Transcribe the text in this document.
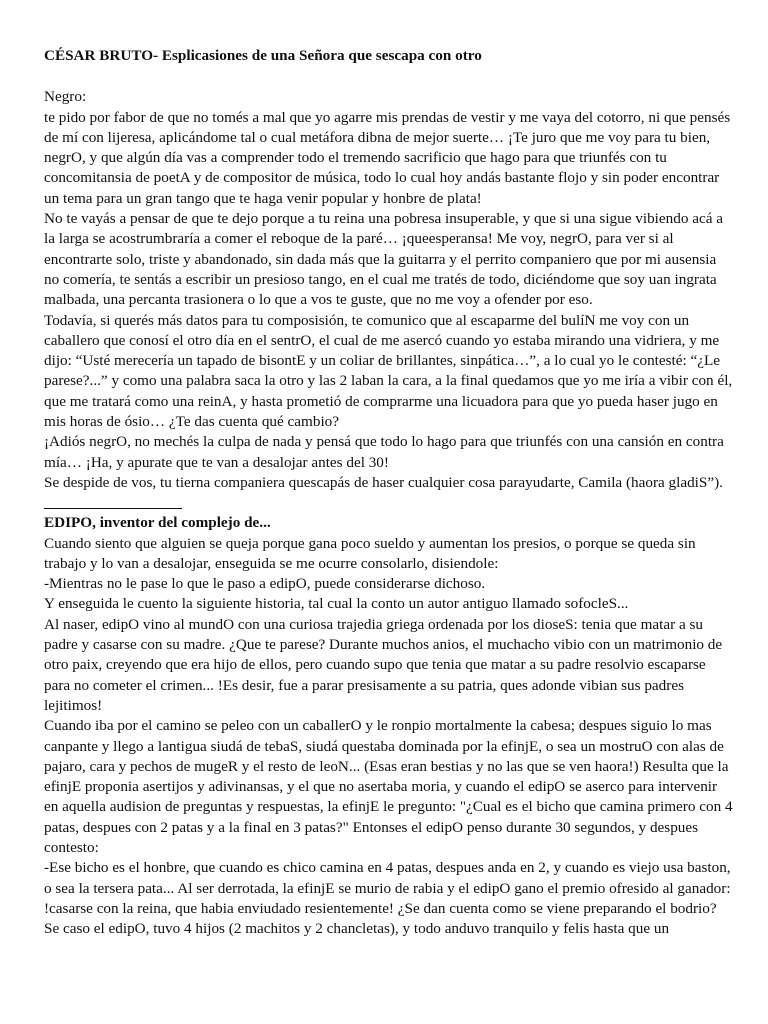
CÉSAR BRUTO- Esplicasiones de una Señora que sescapa con otro

Negro:

te pido por fabor de que no tomés a mal que yo agarre mis prendas de vestir y me vaya del cotorro, ni que pensés de mí con lijeresa, aplicándome tal o cual metáfora dibna de mejor suerte… ¡Te juro que me voy para tu bien, negrO, y que algún día vas a comprender todo el tremendo sacrificio que hago para que triunfés con tu concomitansia de poetA y de compositor de música, todo lo cual hoy andás bastante flojo y sin poder encontrar un tema para un gran tango que te haga venir popular y honbre de plata!

No te vayás a pensar de que te dejo porque a tu reina una pobresa insuperable, y que si una sigue vibiendo acá a la larga se acostrumbraría a comer el reboque de la paré… ¡queesperansa! Me voy, negrO, para ver si al encontrarte solo, triste y abandonado, sin dada más que la guitarra y el perrito companiero que por mi ausensia no comería, te sentás a escribir un presioso tango, en el cual me tratés de todo, diciéndome que soy uan ingrata malbada, una percanta trasionera o lo que a vos te guste, que no me voy a ofender por eso.

Todavía, si querés más datos para tu composisión, te comunico que al escaparme del bulíN me voy con un caballero que conosí el otro día en el sentrO, el cual de me asercó cuando yo estaba mirando una vidriera, y me dijo: “Usté merecería un tapado de bisontE y un coliar de brillantes, sinpática…”, a lo cual yo le contesté: “¿Le parese?...” y como una palabra saca la otro y las 2 laban la cara, a la final quedamos que yo me iría a vibir con él, que me tratará como una reinA, y hasta prometió de comprarme una licuadora para que yo pueda haser jugo en mis horas de ósio… ¿Te das cuenta qué cambio?

¡Adiós negrO, no mechés la culpa de nada y pensá que todo lo hago para que triunfés con una cansión en contra mía… ¡Ha, y apurate que te van a desalojar antes del 30!

Se despide de vos, tu tierna companiera quescapás de haser cualquier cosa parayudarte, Camila (haora gladiS”).

EDIPO, inventor del complejo de...

Cuando siento que alguien se queja porque gana poco sueldo y aumentan los presios, o porque se queda sin trabajo y lo van a desalojar, enseguida se me ocurre consolarlo, disiendole:

-Mientras no le pase lo que le paso a edipO, puede considerarse dichoso.

Y enseguida le cuento la siguiente historia, tal cual la conto un autor antiguo llamado sofocleS...

Al naser, edipO vino al mundO con una curiosa trajedia griega ordenada por los dioseS: tenia que matar a su padre y casarse con su madre. ¿Que te parese? Durante muchos anios, el muchacho vibio con un matrimonio de otro paix, creyendo que era hijo de ellos, pero cuando supo que tenia que matar a su padre resolvio escaparse para no cometer el crimen... !Es desir, fue a parar presisamente a su patria, ques adonde vibian sus padres lejitimos!

Cuando iba por el camino se peleo con un caballerO y le ronpio mortalmente la cabesa; despues siguio lo mas canpante y llego a lantigua siudá de tebaS, siudá questaba dominada por la efinjE, o sea un mostruO con alas de pajaro, cara y pechos de mugeR y el resto de leoN... (Esas eran bestias y no las que se ven haora!) Resulta que la efinjE proponia asertijos y adivinansas, y el que no asertaba moria, y cuando el edipO se aserco para intervenir en aquella audision de preguntas y respuestas, la efinjE le pregunto: "¿Cual es el bicho que camina primero con 4 patas, despues con 2 patas y a la final en 3 patas?" Entonses el edipO penso durante 30 segundos, y despues contesto:

-Ese bicho es el honbre, que cuando es chico camina en 4 patas, despues anda en 2, y cuando es viejo usa baston, o sea la tersera pata... Al ser derrotada, la efinjE se murio de rabia y el edipO gano el premio ofresido al ganador: !casarse con la reina, que habia enviudado resientemente! ¿Se dan cuenta como se viene preparando el bodrio?

Se caso el edipO, tuvo 4 hijos (2 machitos y 2 chancletas), y todo anduvo tranquilo y felis hasta que un
